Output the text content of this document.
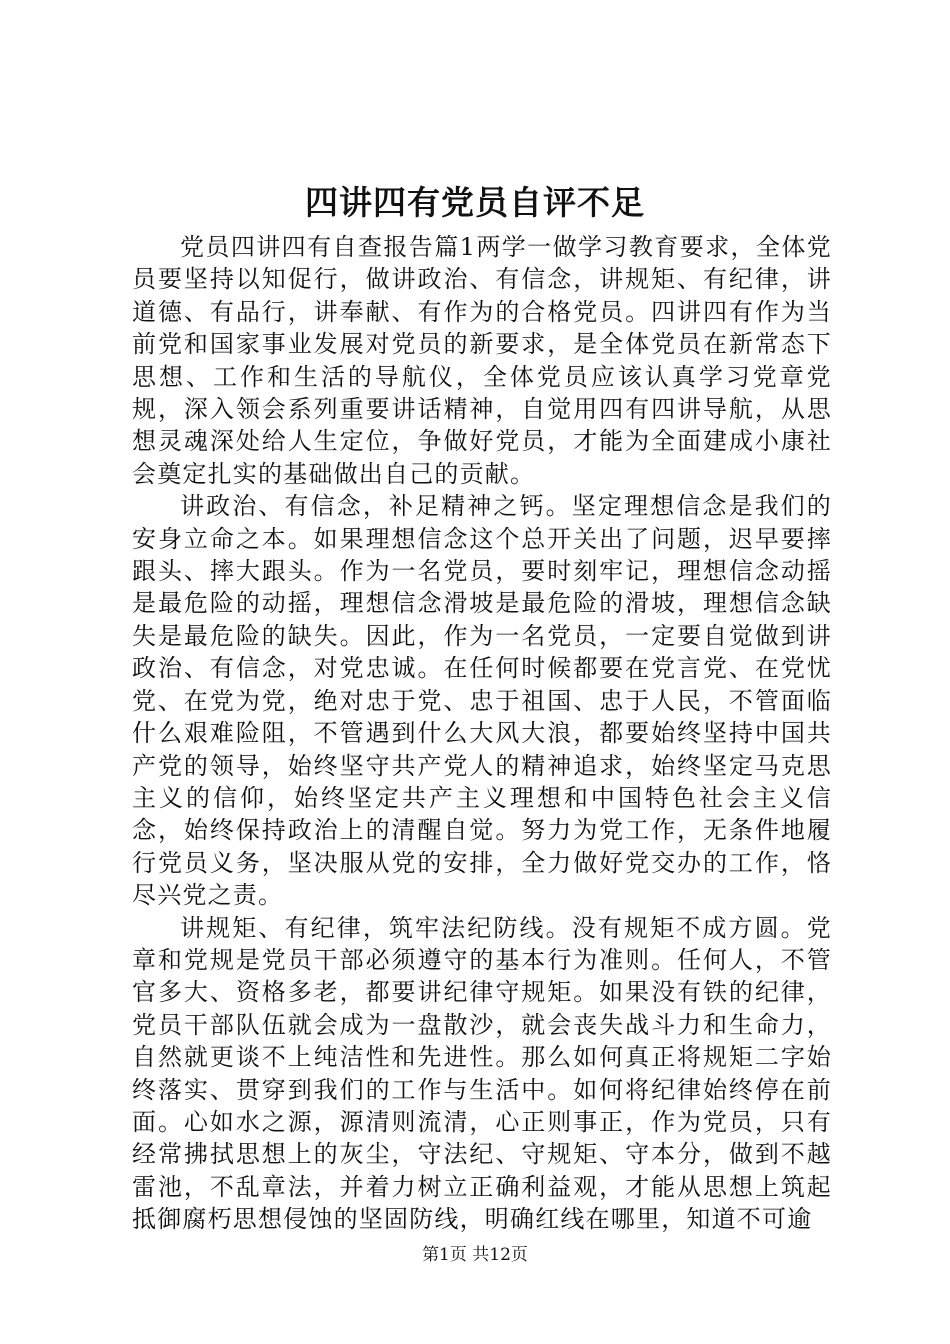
四讲四有党员自评不足

党员四讲四有自查报告篇1两学一做学习教育要求，全体党员要坚持以知促行，做讲政治、有信念，讲规矩、有纪律，讲道德、有品行，讲奉献、有作为的合格党员。四讲四有作为当前党和国家事业发展对党员的新要求，是全体党员在新常态下思想、工作和生活的导航仪，全体党员应该认真学习党章党规，深入领会系列重要讲话精神，自觉用四有四讲导航，从思想灵魂深处给人生定位，争做好党员，才能为全面建成小康社会奠定扎实的基础做出自己的贡献。

讲政治、有信念，补足精神之钙。坚定理想信念是我们的安身立命之本。如果理想信念这个总开关出了问题，迟早要摔跟头、摔大跟头。作为一名党员，要时刻牢记，理想信念动摇是最危险的动摇，理想信念滑坡是最危险的滑坡，理想信念缺失是最危险的缺失。因此，作为一名党员，一定要自觉做到讲政治、有信念，对党忠诚。在任何时候都要在党言党、在党忧党、在党为党，绝对忠于党、忠于祖国、忠于人民，不管面临什么艰难险阻，不管遇到什么大风大浪，都要始终坚持中国共产党的领导，始终坚守共产党人的精神追求，始终坚定马克思主义的信仰，始终坚定共产主义理想和中国特色社会主义信念，始终保持政治上的清醒自觉。努力为党工作，无条件地履行党员义务，坚决服从党的安排，全力做好党交办的工作，恪尽兴党之责。

讲规矩、有纪律，筑牢法纪防线。没有规矩不成方圆。党章和党规是党员干部必须遵守的基本行为准则。任何人，不管官多大、资格多老，都要讲纪律守规矩。如果没有铁的纪律，党员干部队伍就会成为一盘散沙，就会丧失战斗力和生命力，自然就更谈不上纯洁性和先进性。那么如何真正将规矩二字始终落实、贯穿到我们的工作与生活中。如何将纪律始终停在前面。心如水之源，源清则流清，心正则事正，作为党员，只有经常拂拭思想上的灰尘，守法纪、守规矩、守本分，做到不越雷池，不乱章法，并着力树立正确利益观，才能从思想上筑起抵御腐朽思想侵蚀的坚固防线，明确红线在哪里，知道不可逾

第1页 共12页
